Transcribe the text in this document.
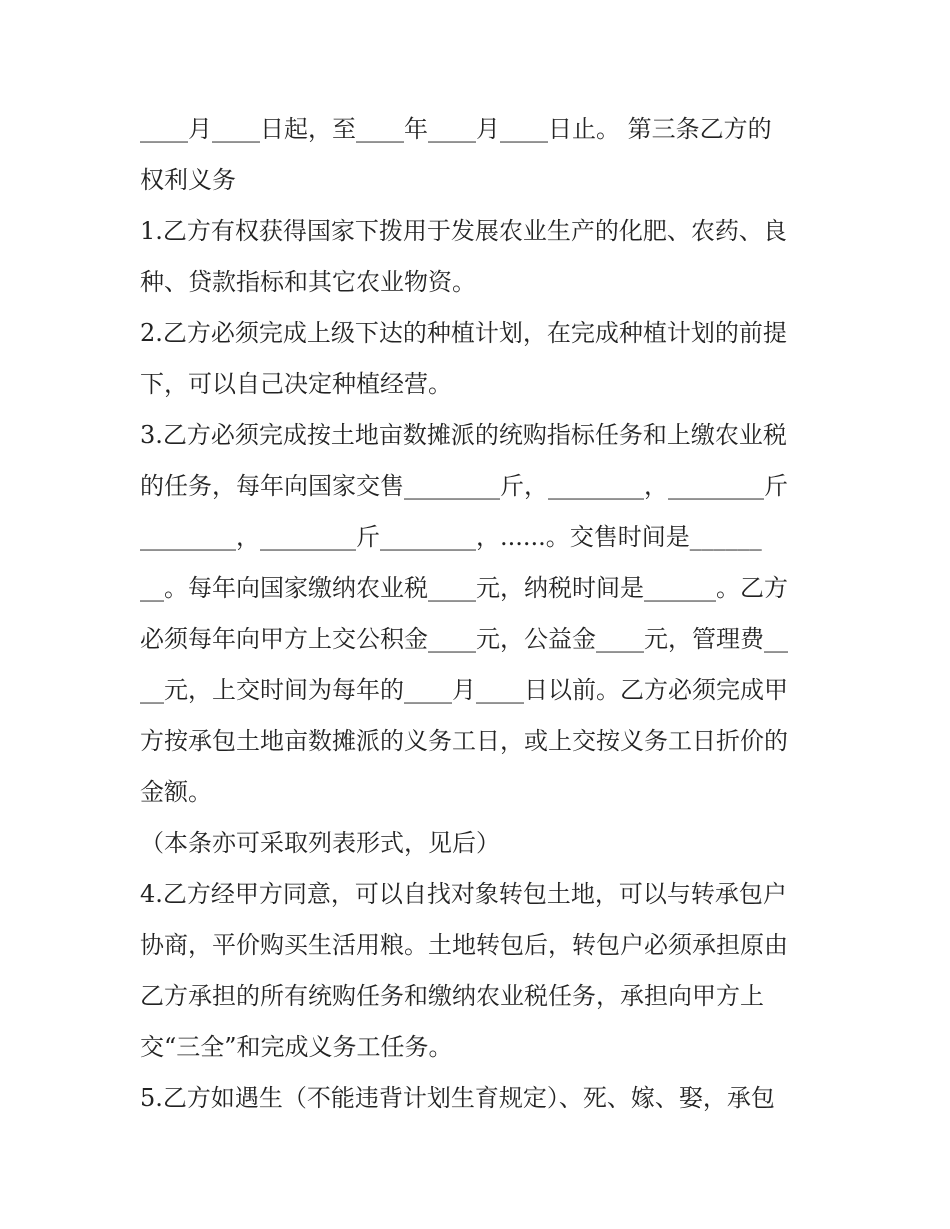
____月____日起，至____年____月____日止。 第三条乙方的
权利义务
1.乙方有权获得国家下拨用于发展农业生产的化肥、农药、良
种、贷款指标和其它农业物资。
2.乙方必须完成上级下达的种植计划，在完成种植计划的前提
下，可以自己决定种植经营。
3.乙方必须完成按土地亩数摊派的统购指标任务和上缴农业税
的任务，每年向国家交售________斤，________，________斤
________，________斤________，......。交售时间是______
__。每年向国家缴纳农业税____元，纳税时间是______。乙方
必须每年向甲方上交公积金____元，公益金____元，管理费__
__元，上交时间为每年的____月____日以前。乙方必须完成甲
方按承包土地亩数摊派的义务工日，或上交按义务工日折价的
金额。
（本条亦可采取列表形式，见后）
4.乙方经甲方同意，可以自找对象转包土地，可以与转承包户
协商，平价购买生活用粮。土地转包后，转包户必须承担原由
乙方承担的所有统购任务和缴纳农业税任务，承担向甲方上
交“三全”和完成义务工任务。
5.乙方如遇生（不能违背计划生育规定）、死、嫁、娶，承包
